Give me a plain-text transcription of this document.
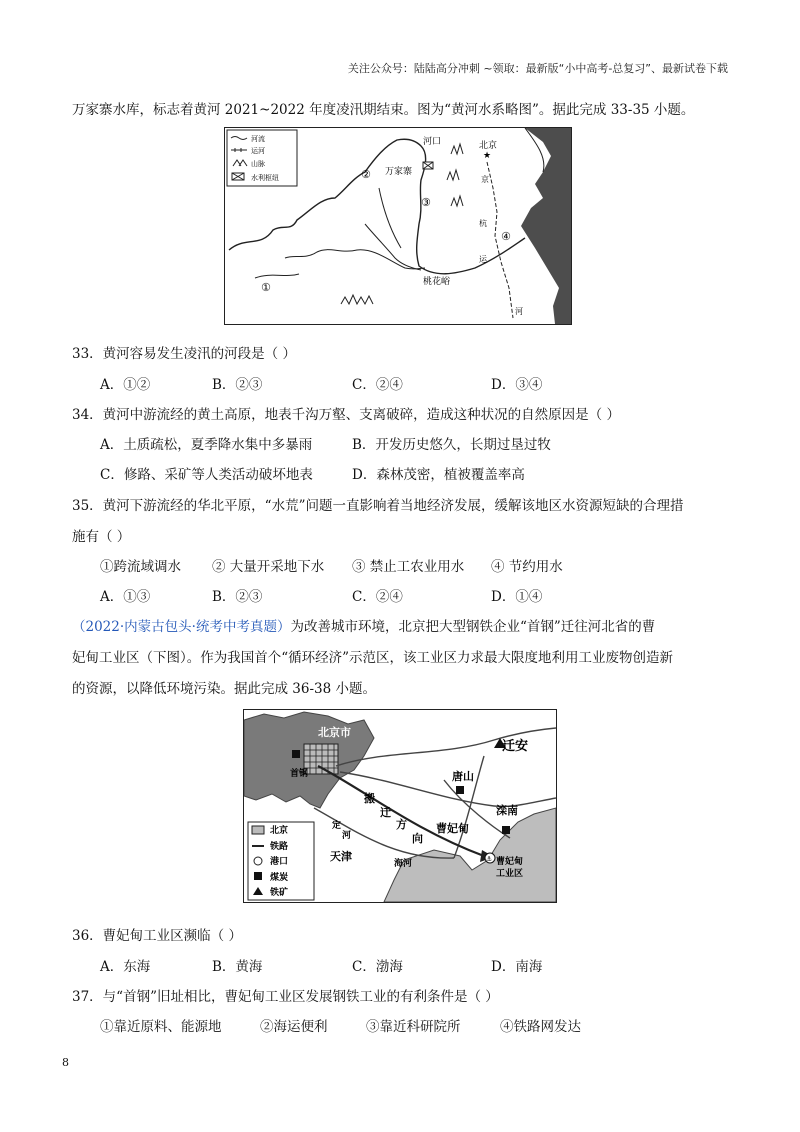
关注公众号：陆陆高分冲刺 ~领取：最新版“小中高考-总复习”、最新试卷下载
万家寨水库，标志着黄河 2021~2022 年度凌汛期结束。图为“黄河水系略图”。据此完成 33-35 小题。
河流
运河
山脉
水利枢纽
★
河口
万家寨
北京
京
杭
运
河
桃花峪
②
③
①
④
33．黄河容易发生凌汛的河段是（ ）
A．①②	B．②③	C．②④	D．③④
34．黄河中游流经的黄土高原，地表千沟万壑、支离破碎，造成这种状况的自然原因是（ ）
A．土质疏松，夏季降水集中多暴雨	B．开发历史悠久，长期过垦过牧
C．修路、采矿等人类活动破坏地表	D．森林茂密，植被覆盖率高
35．黄河下游流经的华北平原，“水荒”问题一直影响着当地经济发展，缓解该地区水资源短缺的合理措
施有（ ）
①跨流域调水 ② 大量开采地下水 ③ 禁止工农业用水 ④ 节约用水
A．①③	B．②③	C．②④	D．①④
（2022·内蒙古包头·统考中考真题）为改善城市环境，北京把大型钢铁企业“首钢”迁往河北省的曹
妃甸工业区（下图）。作为我国首个“循环经济”示范区，该工业区力求最大限度地利用工业废物创造新
的资源，以降低环境污染。据此完成 36-38 小题。
⚓
北京
铁路
港口
煤炭
铁矿
北京市
首钢
迁安
唐山
滦南
搬
迁
方
向
定
河
曹妃甸
天津
海河	曹妃甸
工业区
36．曹妃甸工业区濒临（ ）
A．东海	B．黄海	C．渤海	D．南海
37．与“首钢”旧址相比，曹妃甸工业区发展钢铁工业的有利条件是（ ）
①靠近原料、能源地	②海运便利	③靠近科研院所	④铁路网发达
8
